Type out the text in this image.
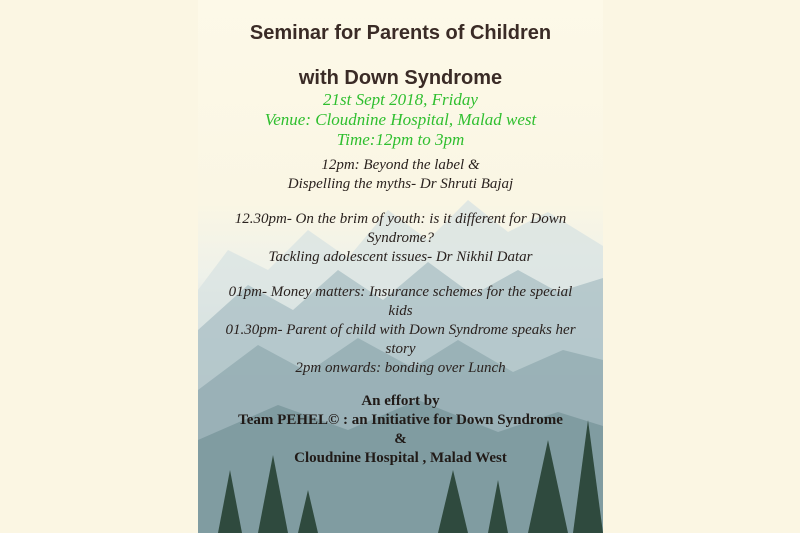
Seminar for Parents of Children
with Down Syndrome
21st Sept 2018, Friday
Venue: Cloudnine Hospital, Malad west
Time:12pm to 3pm
12pm: Beyond the label &
Dispelling the myths- Dr Shruti Bajaj
12.30pm- On the brim of youth: is it different for Down
Syndrome?
Tackling adolescent issues- Dr Nikhil Datar
01pm- Money matters: Insurance schemes for the special
kids
01.30pm- Parent of child with Down Syndrome speaks her
story
2pm onwards: bonding over Lunch
An effort by
Team PEHEL© : an Initiative for Down Syndrome
&
Cloudnine Hospital , Malad West
